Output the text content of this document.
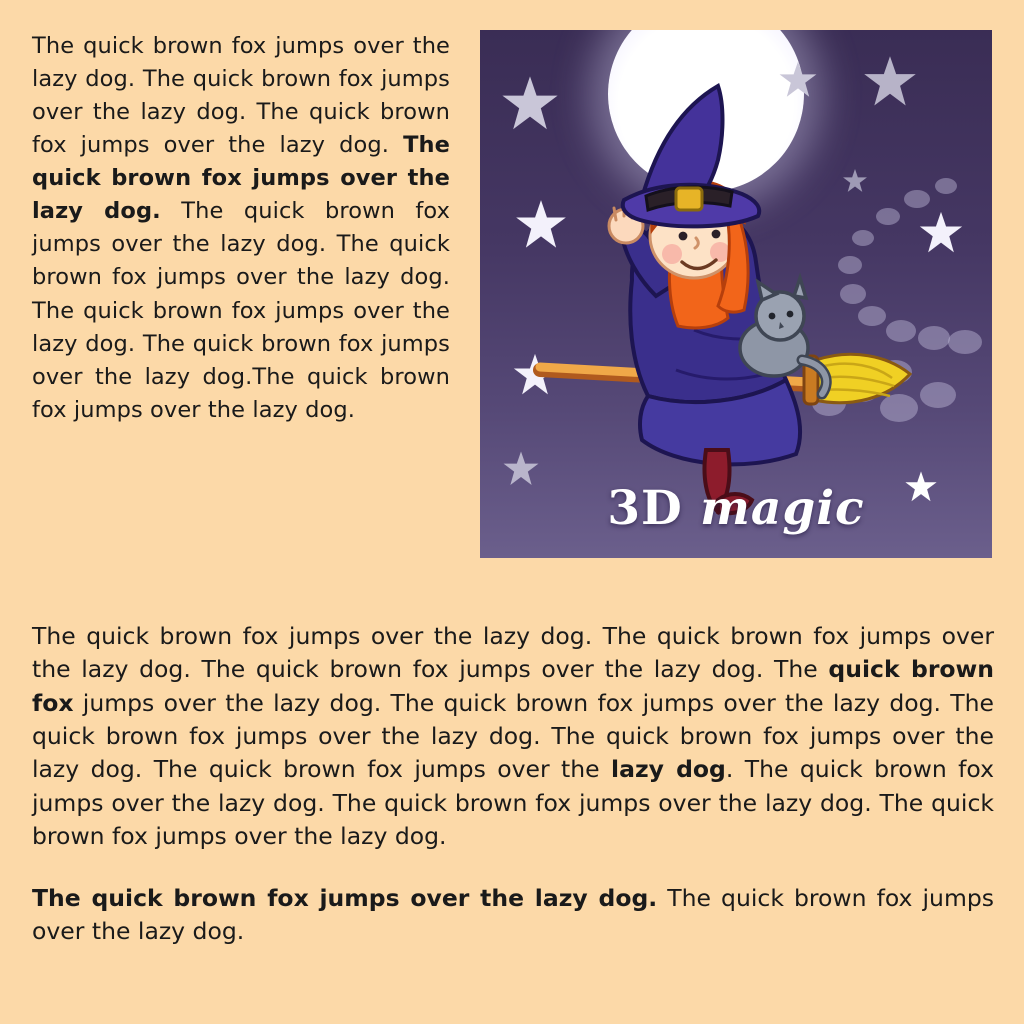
The quick brown fox jumps over the lazy dog. The quick brown fox jumps over the lazy dog. The quick brown fox jumps over the lazy dog. The quick brown fox jumps over the lazy dog. The quick brown fox jumps over the lazy dog. The quick brown fox jumps over the lazy dog. The quick brown fox jumps over the lazy dog. The quick brown fox jumps over the lazy dog.The quick brown fox jumps over the lazy dog.
3D magic

The quick brown fox jumps over the lazy dog. The quick brown fox jumps over the lazy dog. The quick brown fox jumps over the lazy dog. The quick brown fox jumps over the lazy dog. The quick brown fox jumps over the lazy dog. The quick brown fox jumps over the lazy dog. The quick brown fox jumps over the lazy dog. The quick brown fox jumps over the lazy dog. The quick brown fox jumps over the lazy dog. The quick brown fox jumps over the lazy dog. The quick brown fox jumps over the lazy dog.

The quick brown fox jumps over the lazy dog. The quick brown fox jumps over the lazy dog.
